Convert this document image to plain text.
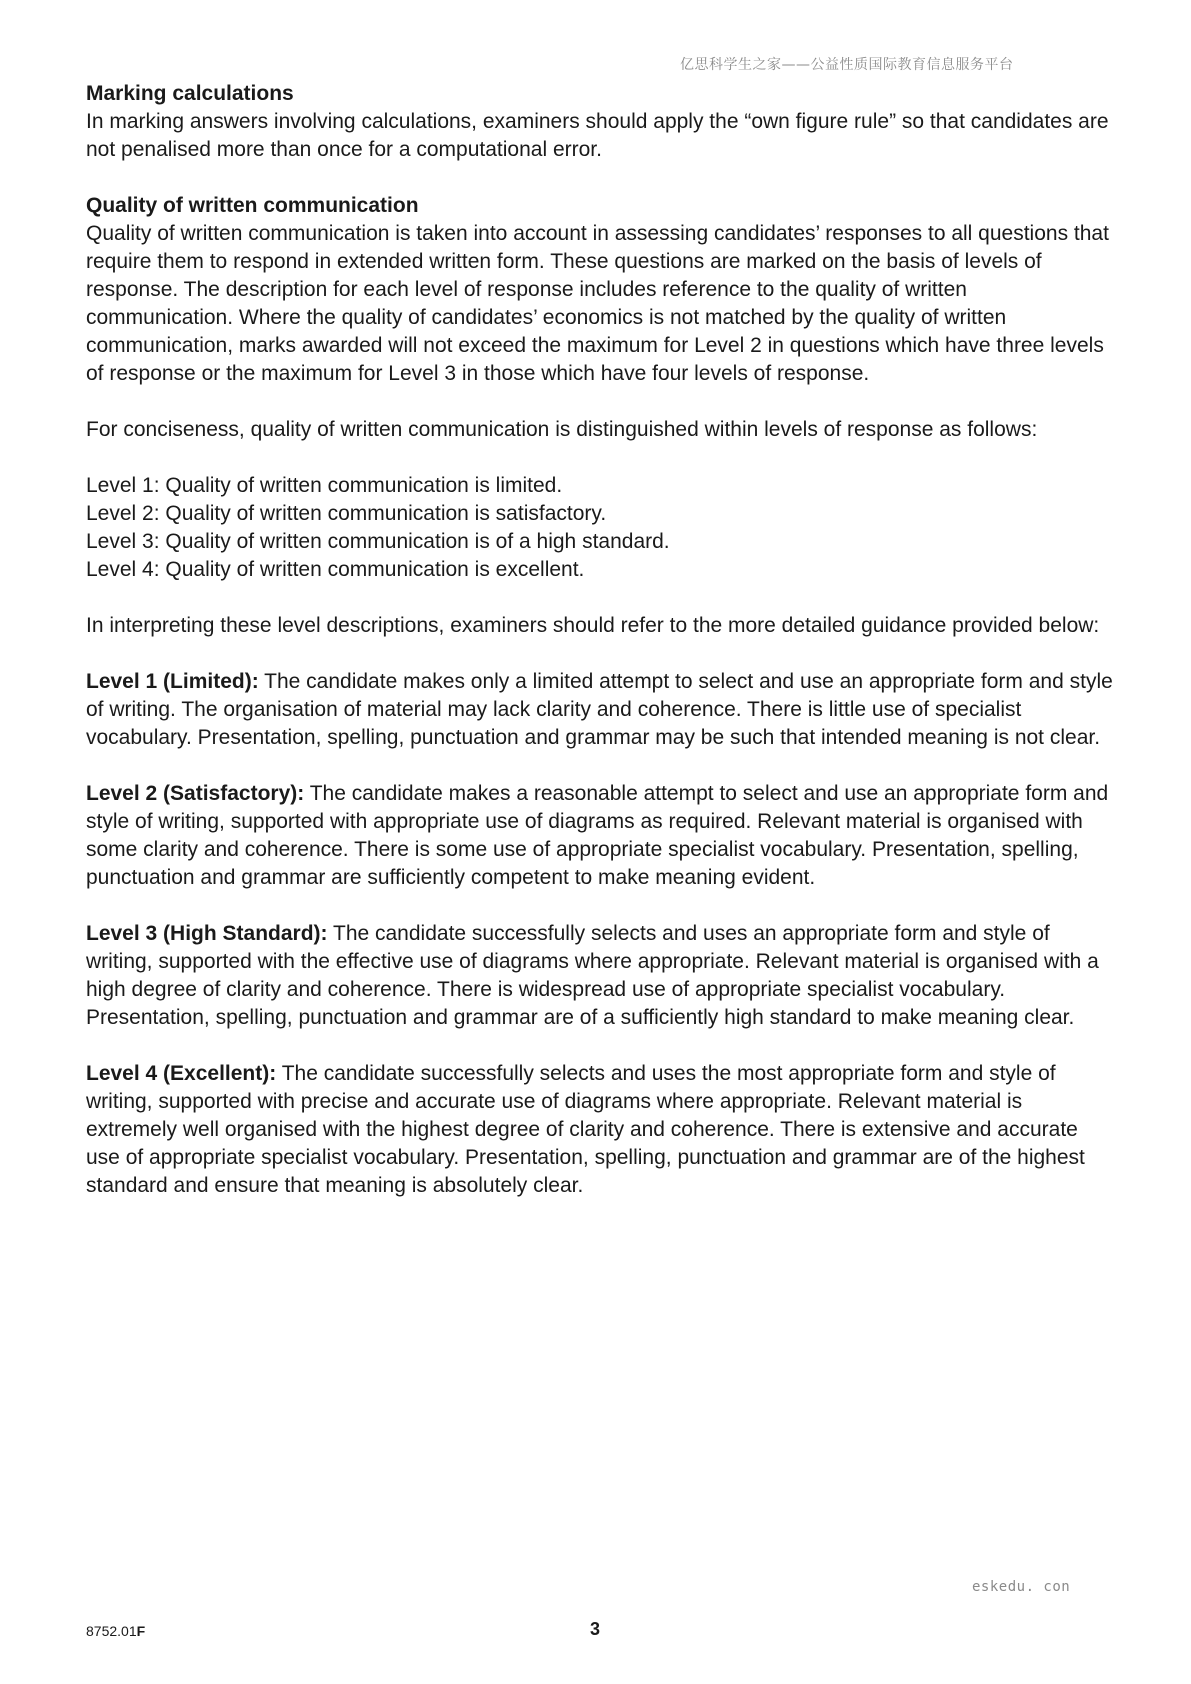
亿思科学生之家——公益性质国际教育信息服务平台

Marking calculations

In marking answers involving calculations, examiners should apply the “own figure rule” so that candidates are not penalised more than once for a computational error.

Quality of written communication

Quality of written communication is taken into account in assessing candidates’ responses to all questions that require them to respond in extended written form. These questions are marked on the basis of levels of response. The description for each level of response includes reference to the quality of written communication. Where the quality of candidates’ economics is not matched by the quality of written communication, marks awarded will not exceed the maximum for Level 2 in questions which have three levels of response or the maximum for Level 3 in those which have four levels of response.

For conciseness, quality of written communication is distinguished within levels of response as follows:

Level 1: Quality of written communication is limited.

Level 2: Quality of written communication is satisfactory.

Level 3: Quality of written communication is of a high standard.

Level 4: Quality of written communication is excellent.

In interpreting these level descriptions, examiners should refer to the more detailed guidance provided below:

Level 1 (Limited): The candidate makes only a limited attempt to select and use an appropriate form and style of writing. The organisation of material may lack clarity and coherence. There is little use of specialist vocabulary. Presentation, spelling, punctuation and grammar may be such that intended meaning is not clear.

Level 2 (Satisfactory): The candidate makes a reasonable attempt to select and use an appropriate form and style of writing, supported with appropriate use of diagrams as required. Relevant material is organised with some clarity and coherence. There is some use of appropriate specialist vocabulary. Presentation, spelling, punctuation and grammar are sufficiently competent to make meaning evident.

Level 3 (High Standard): The candidate successfully selects and uses an appropriate form and style of writing, supported with the effective use of diagrams where appropriate. Relevant material is organised with a high degree of clarity and coherence. There is widespread use of appropriate specialist vocabulary. Presentation, spelling, punctuation and grammar are of a sufficiently high standard to make meaning clear.

Level 4 (Excellent): The candidate successfully selects and uses the most appropriate form and style of writing, supported with precise and accurate use of diagrams where appropriate. Relevant material is extremely well organised with the highest degree of clarity and coherence. There is extensive and accurate use of appropriate specialist vocabulary. Presentation, spelling, punctuation and grammar are of the highest standard and ensure that meaning is absolutely clear.

eskedu. con
8752.01F	3
